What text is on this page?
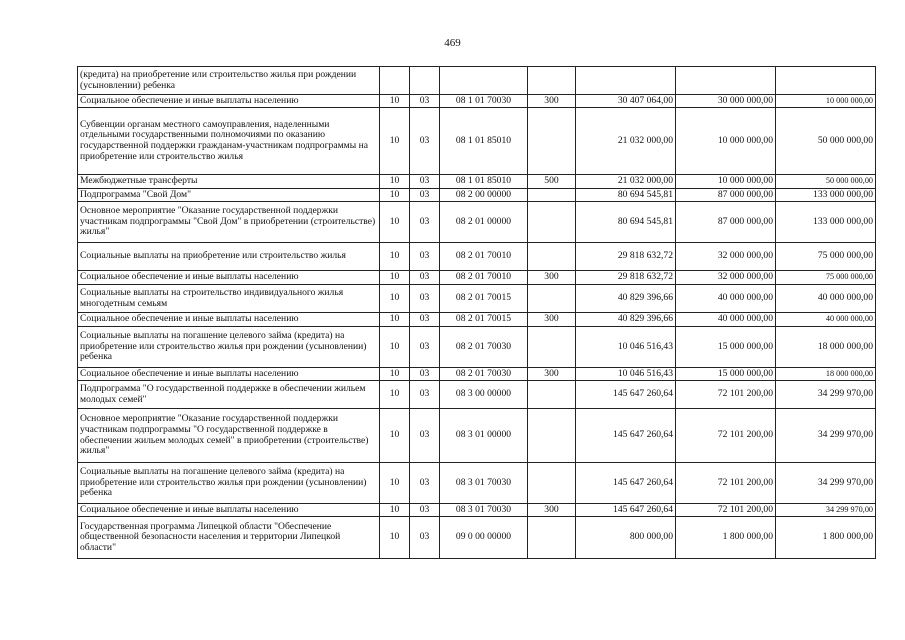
469
(кредита) на приобретение или строительство жилья при рождении (усыновлении) ребенка							
Социальное обеспечение и иные выплаты населению	10	03	08 1 01 70030	300	30 407 064,00	30 000 000,00	10 000 000,00
Субвенции органам местного самоуправления, наделенными отдельными государственными полномочиями по оказанию государственной поддержки гражданам-участникам подпрограммы на приобретение или строительство жилья	10	03	08 1 01 85010		21 032 000,00	10 000 000,00	50 000 000,00
Межбюджетные трансферты	10	03	08 1 01 85010	500	21 032 000,00	10 000 000,00	50 000 000,00
Подпрограмма "Свой Дом"	10	03	08 2 00 00000		80 694 545,81	87 000 000,00	133 000 000,00
Основное мероприятие "Оказание государственной поддержки участникам подпрограммы "Свой Дом" в приобретении (строительстве) жилья"	10	03	08 2 01 00000		80 694 545,81	87 000 000,00	133 000 000,00
Социальные выплаты на приобретение или строительство жилья	10	03	08 2 01 70010		29 818 632,72	32 000 000,00	75 000 000,00
Социальное обеспечение и иные выплаты населению	10	03	08 2 01 70010	300	29 818 632,72	32 000 000,00	75 000 000,00
Социальные выплаты на строительство индивидуального жилья многодетным семьям	10	03	08 2 01 70015		40 829 396,66	40 000 000,00	40 000 000,00
Социальное обеспечение и иные выплаты населению	10	03	08 2 01 70015	300	40 829 396,66	40 000 000,00	40 000 000,00
Социальные выплаты на погашение целевого займа (кредита) на приобретение или строительство жилья при рождении (усыновлении) ребенка	10	03	08 2 01 70030		10 046 516,43	15 000 000,00	18 000 000,00
Социальное обеспечение и иные выплаты населению	10	03	08 2 01 70030	300	10 046 516,43	15 000 000,00	18 000 000,00
Подпрограмма "О государственной поддержке в обеспечении жильем молодых семей"	10	03	08 3 00 00000		145 647 260,64	72 101 200,00	34 299 970,00
Основное мероприятие "Оказание государственной поддержки участникам подпрограммы "О государственной поддержке в обеспечении жильем молодых семей" в приобретении (строительстве) жилья"	10	03	08 3 01 00000		145 647 260,64	72 101 200,00	34 299 970,00
Социальные выплаты на погашение целевого займа (кредита) на приобретение или строительство жилья при рождении (усыновлении) ребенка	10	03	08 3 01 70030		145 647 260,64	72 101 200,00	34 299 970,00
Социальное обеспечение и иные выплаты населению	10	03	08 3 01 70030	300	145 647 260,64	72 101 200,00	34 299 970,00
Государственная программа Липецкой области "Обеспечение общественной безопасности населения и территории Липецкой области"	10	03	09 0 00 00000		800 000,00	1 800 000,00	1 800 000,00
